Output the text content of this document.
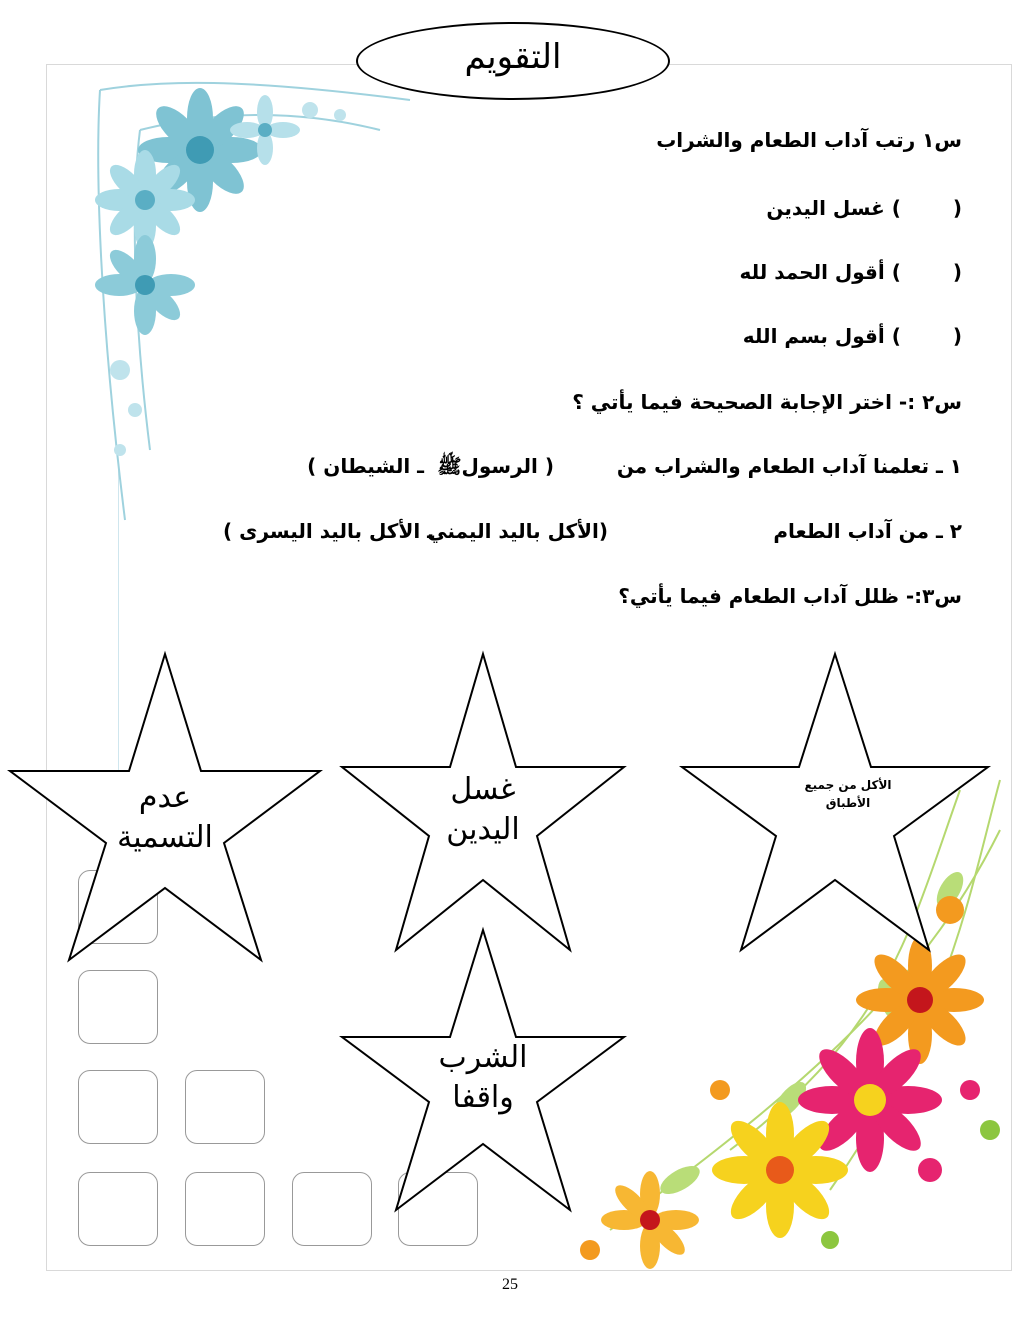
التقويم
س١ رتب آداب الطعام والشراب
() غسل اليدين
() أقول الحمد لله
() أقول بسم الله
س٢ :- اختر الإجابة الصحيحة فيما يأتي ؟
١ ـ تعلمنا آداب الطعام والشراب من
( الرسولﷺ
ـ الشيطان )
٢ ـ من آداب الطعام
(الأكل باليد اليمني
ـ الأكل باليد اليسرى )
س٣:- ظلل آداب الطعام فيما يأتي؟
الأكل من جميع
الأطباق
غسل
اليدين
عدم
التسمية
الشرب
واقفا
25
